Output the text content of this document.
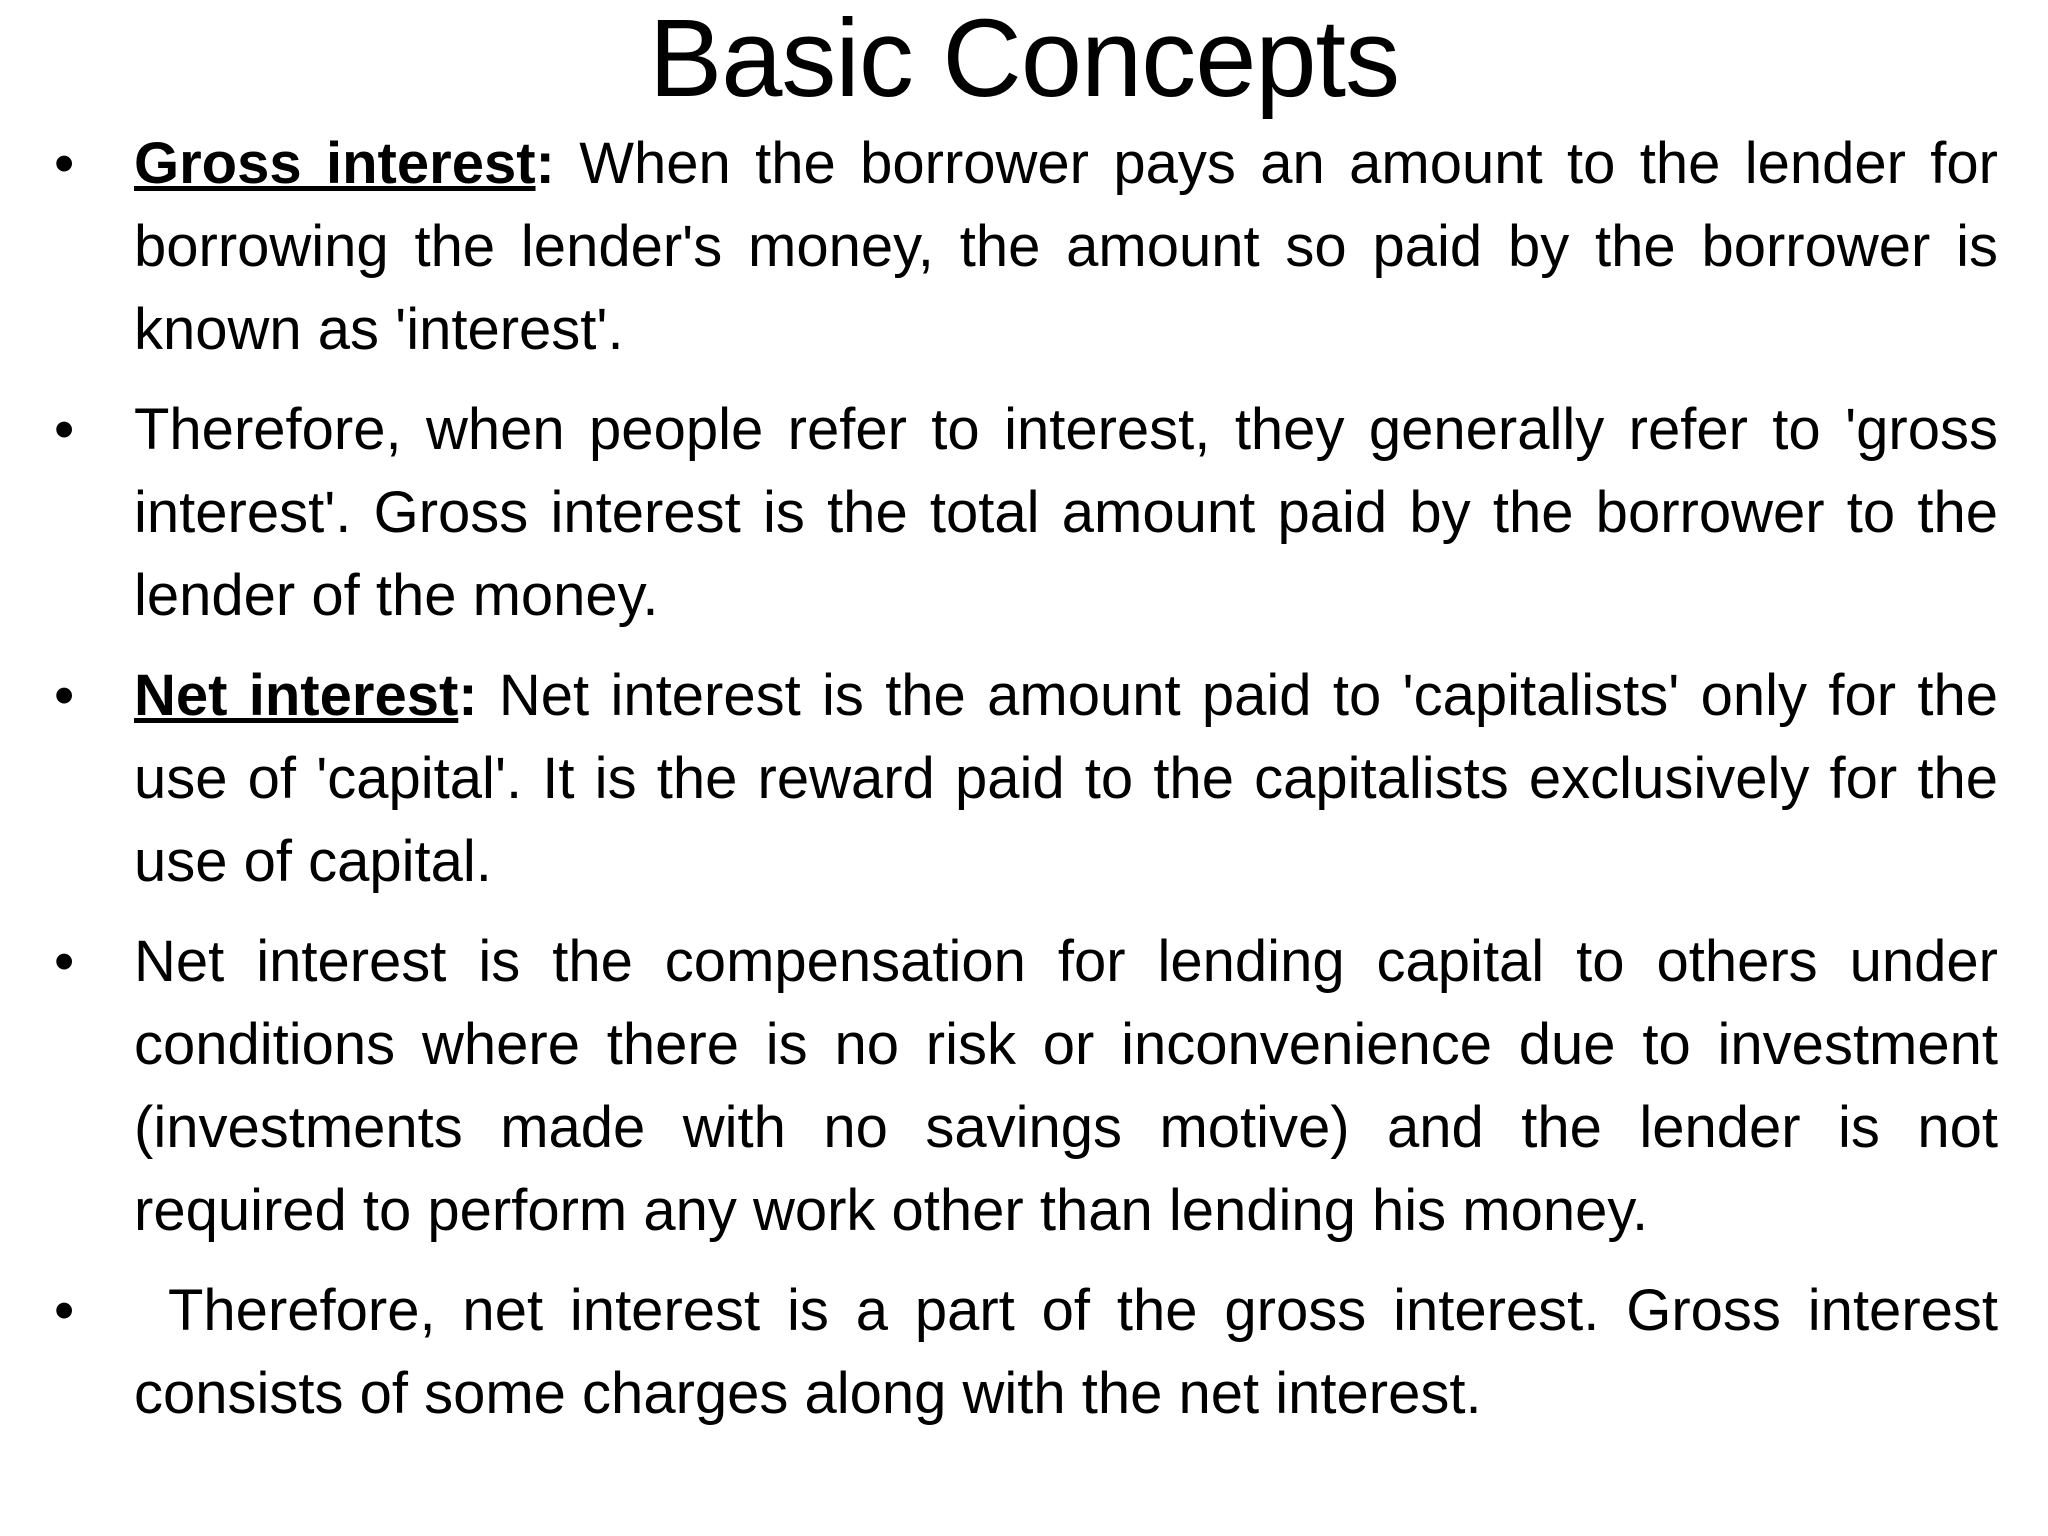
Basic Concepts
• Gross interest: When the borrower pays an amount to the lender for borrowing the lender's money, the amount so paid by the borrower is known as 'interest'.
• Therefore, when people refer to interest, they generally refer to 'gross interest'. Gross interest is the total amount paid by the borrower to the lender of the money.
• Net interest: Net interest is the amount paid to 'capitalists' only for the use of 'capital'. It is the reward paid to the capitalists exclusively for the use of capital.
• Net interest is the compensation for lending capital to others under conditions where there is no risk or inconvenience due to investment (investments made with no savings motive) and the lender is not required to perform any work other than lending his money.
• Therefore, net interest is a part of the gross interest. Gross interest consists of some charges along with the net interest.
